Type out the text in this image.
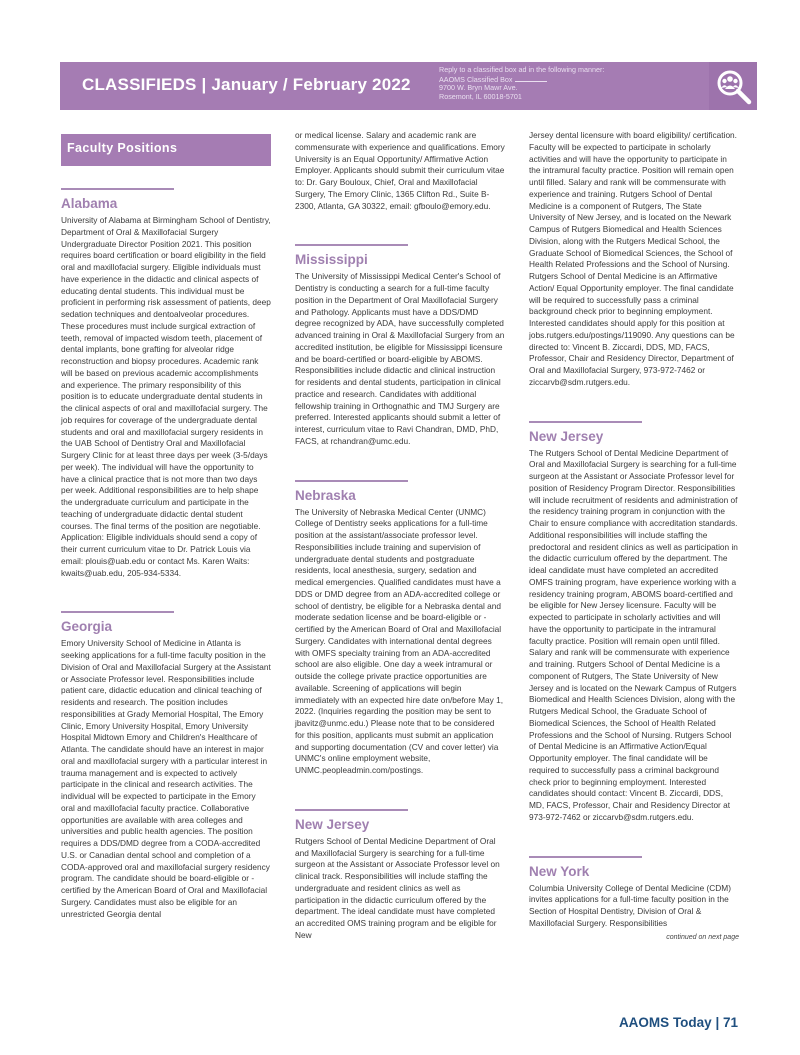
CLASSIFIEDS | January / February 2022
Reply to a classified box ad in the following manner:
AAOMS Classified Box
9700 W. Bryn Mawr Ave.
Rosemont, IL 60018-5701
Faculty Positions
Alabama
University of Alabama at Birmingham School of Dentistry, Department of Oral & Maxillofacial Surgery Undergraduate Director Position 2021. This position requires board certification or board eligibility in the field oral and maxillofacial surgery. Eligible individuals must have experience in the didactic and clinical aspects of educating dental students. This individual must be proficient in performing risk assessment of patients, deep sedation techniques and dentoalveolar procedures. These procedures must include surgical extraction of teeth, removal of impacted wisdom teeth, placement of dental implants, bone grafting for alveolar ridge reconstruction and biopsy procedures. Academic rank will be based on previous academic accomplishments and experience. The primary responsibility of this position is to educate undergraduate dental students in the clinical aspects of oral and maxillofacial surgery. The job requires for coverage of the undergraduate dental students and oral and maxillofacial surgery residents in the UAB School of Dentistry Oral and Maxillofacial Surgery Clinic for at least three days per week (3-5/days per week). The individual will have the opportunity to have a clinical practice that is not more than two days per week. Additional responsibilities are to help shape the undergraduate curriculum and participate in the teaching of undergraduate didactic dental student courses. The final terms of the position are negotiable. Application: Eligible individuals should send a copy of their current curriculum vitae to Dr. Patrick Louis via email: plouis@uab.edu or contact Ms. Karen Waits: kwaits@uab.edu, 205-934-5334.
Georgia
Emory University School of Medicine in Atlanta is seeking applications for a full-time faculty position in the Division of Oral and Maxillofacial Surgery at the Assistant or Associate Professor level. Responsibilities include patient care, didactic education and clinical teaching of residents and research. The position includes responsibilities at Grady Memorial Hospital, The Emory Clinic, Emory University Hospital, Emory University Hospital Midtown Emory and Children's Healthcare of Atlanta. The candidate should have an interest in major oral and maxillofacial surgery with a particular interest in trauma management and is expected to actively participate in the clinical and research activities. The individual will be expected to participate in the Emory oral and maxillofacial faculty practice. Collaborative opportunities are available with area colleges and universities and public health agencies. The position requires a DDS/DMD degree from a CODA-accredited U.S. or Canadian dental school and completion of a CODA-approved oral and maxillofacial surgery residency program. The candidate should be board-eligible or -certified by the American Board of Oral and Maxillofacial Surgery. Candidates must also be eligible for an unrestricted Georgia dental
or medical license. Salary and academic rank are commensurate with experience and qualifications. Emory University is an Equal Opportunity/ Affirmative Action Employer. Applicants should submit their curriculum vitae to: Dr. Gary Bouloux, Chief, Oral and Maxillofacial Surgery, The Emory Clinic, 1365 Clifton Rd., Suite B-2300, Atlanta, GA 30322, email: gfboulo@emory.edu.
Mississippi
The University of Mississippi Medical Center's School of Dentistry is conducting a search for a full-time faculty position in the Department of Oral Maxillofacial Surgery and Pathology. Applicants must have a DDS/DMD degree recognized by ADA, have successfully completed advanced training in Oral & Maxillofacial Surgery from an accredited institution, be eligible for Mississippi licensure and be board-certified or board-eligible by ABOMS. Responsibilities include didactic and clinical instruction for residents and dental students, participation in clinical practice and research. Candidates with additional fellowship training in Orthognathic and TMJ Surgery are preferred. Interested applicants should submit a letter of interest, curriculum vitae to Ravi Chandran, DMD, PhD, FACS, at rchandran@umc.edu.
Nebraska
The University of Nebraska Medical Center (UNMC) College of Dentistry seeks applications for a full-time position at the assistant/associate professor level. Responsibilities include training and supervision of undergraduate dental students and postgraduate residents, local anesthesia, surgery, sedation and medical emergencies. Qualified candidates must have a DDS or DMD degree from an ADA-accredited college or school of dentistry, be eligible for a Nebraska dental and moderate sedation license and be board-eligible or -certified by the American Board of Oral and Maxillofacial Surgery. Candidates with international dental degrees with OMFS specialty training from an ADA-accredited school are also eligible. One day a week intramural or outside the college private practice opportunities are available. Screening of applications will begin immediately with an expected hire date on/before May 1, 2022. (Inquiries regarding the position may be sent to jbavitz@unmc.edu.) Please note that to be considered for this position, applicants must submit an application and supporting documentation (CV and cover letter) via UNMC's online employment website, UNMC.peopleadmin.com/postings.
New Jersey
Rutgers School of Dental Medicine Department of Oral and Maxillofacial Surgery is searching for a full-time surgeon at the Assistant or Associate Professor level on clinical track. Responsibilities will include staffing the undergraduate and resident clinics as well as participation in the didactic curriculum offered by the department. The ideal candidate must have completed an accredited OMS training program and be eligible for New
Jersey dental licensure with board eligibility/ certification. Faculty will be expected to participate in scholarly activities and will have the opportunity to participate in the intramural faculty practice. Position will remain open until filled. Salary and rank will be commensurate with experience and training. Rutgers School of Dental Medicine is a component of Rutgers, The State University of New Jersey, and is located on the Newark Campus of Rutgers Biomedical and Health Sciences Division, along with the Rutgers Medical School, the Graduate School of Biomedical Sciences, the School of Health Related Professions and the School of Nursing. Rutgers School of Dental Medicine is an Affirmative Action/ Equal Opportunity employer. The final candidate will be required to successfully pass a criminal background check prior to beginning employment. Interested candidates should apply for this position at jobs.rutgers.edu/postings/119090. Any questions can be directed to: Vincent B. Ziccardi, DDS, MD, FACS, Professor, Chair and Residency Director, Department of Oral and Maxillofacial Surgery, 973-972-7462 or ziccarvb@sdm.rutgers.edu.
New Jersey
The Rutgers School of Dental Medicine Department of Oral and Maxillofacial Surgery is searching for a full-time surgeon at the Assistant or Associate Professor level for position of Residency Program Director. Responsibilities will include recruitment of residents and administration of the residency training program in conjunction with the Chair to ensure compliance with accreditation standards. Additional responsibilities will include staffing the predoctoral and resident clinics as well as participation in the didactic curriculum offered by the department. The ideal candidate must have completed an accredited OMFS training program, have experience working with a residency training program, ABOMS board-certified and be eligible for New Jersey licensure. Faculty will be expected to participate in scholarly activities and will have the opportunity to participate in the intramural faculty practice. Position will remain open until filled. Salary and rank will be commensurate with experience and training. Rutgers School of Dental Medicine is a component of Rutgers, The State University of New Jersey and is located on the Newark Campus of Rutgers Biomedical and Health Sciences Division, along with the Rutgers Medical School, the Graduate School of Biomedical Sciences, the School of Health Related Professions and the School of Nursing. Rutgers School of Dental Medicine is an Affirmative Action/Equal Opportunity employer. The final candidate will be required to successfully pass a criminal background check prior to beginning employment. Interested candidates should contact: Vincent B. Ziccardi, DDS, MD, FACS, Professor, Chair and Residency Director at 973-972-7462 or ziccarvb@sdm.rutgers.edu.
New York
Columbia University College of Dental Medicine (CDM) invites applications for a full-time faculty position in the Section of Hospital Dentistry, Division of Oral & Maxillofacial Surgery. Responsibilities
continued on next page
AAOMS Today | 71
